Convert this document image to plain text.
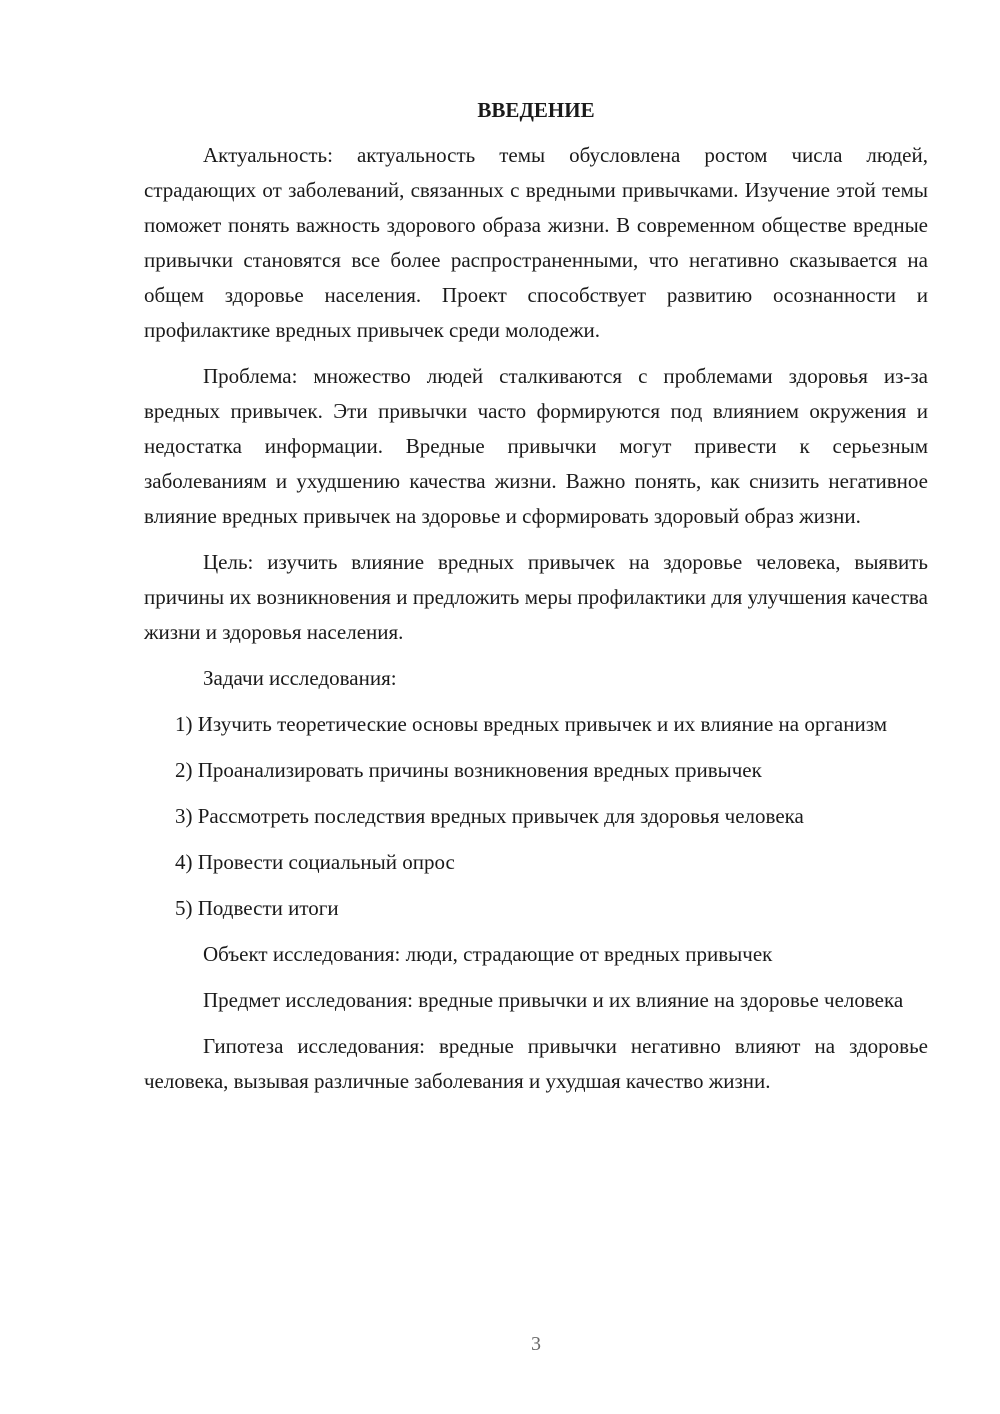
ВВЕДЕНИЕ

Актуальность: актуальность темы обусловлена ростом числа людей, страдающих от заболеваний, связанных с вредными привычками. Изучение этой темы поможет понять важность здорового образа жизни. В современном обществе вредные привычки становятся все более распространенными, что негативно сказывается на общем здоровье населения. Проект способствует развитию осознанности и профилактике вредных привычек среди молодежи.

Проблема: множество людей сталкиваются с проблемами здоровья из-за вредных привычек. Эти привычки часто формируются под влиянием окружения и недостатка информации. Вредные привычки могут привести к серьезным заболеваниям и ухудшению качества жизни. Важно понять, как снизить негативное влияние вредных привычек на здоровье и сформировать здоровый образ жизни.

Цель: изучить влияние вредных привычек на здоровье человека, выявить причины их возникновения и предложить меры профилактики для улучшения качества жизни и здоровья населения.

Задачи исследования:

1) Изучить теоретические основы вредных привычек и их влияние на организм

2) Проанализировать причины возникновения вредных привычек

3) Рассмотреть последствия вредных привычек для здоровья человека

4) Провести социальный опрос

5) Подвести итоги

Объект исследования: люди, страдающие от вредных привычек

Предмет исследования: вредные привычки и их влияние на здоровье человека

Гипотеза исследования: вредные привычки негативно влияют на здоровье человека, вызывая различные заболевания и ухудшая качество жизни.

3
